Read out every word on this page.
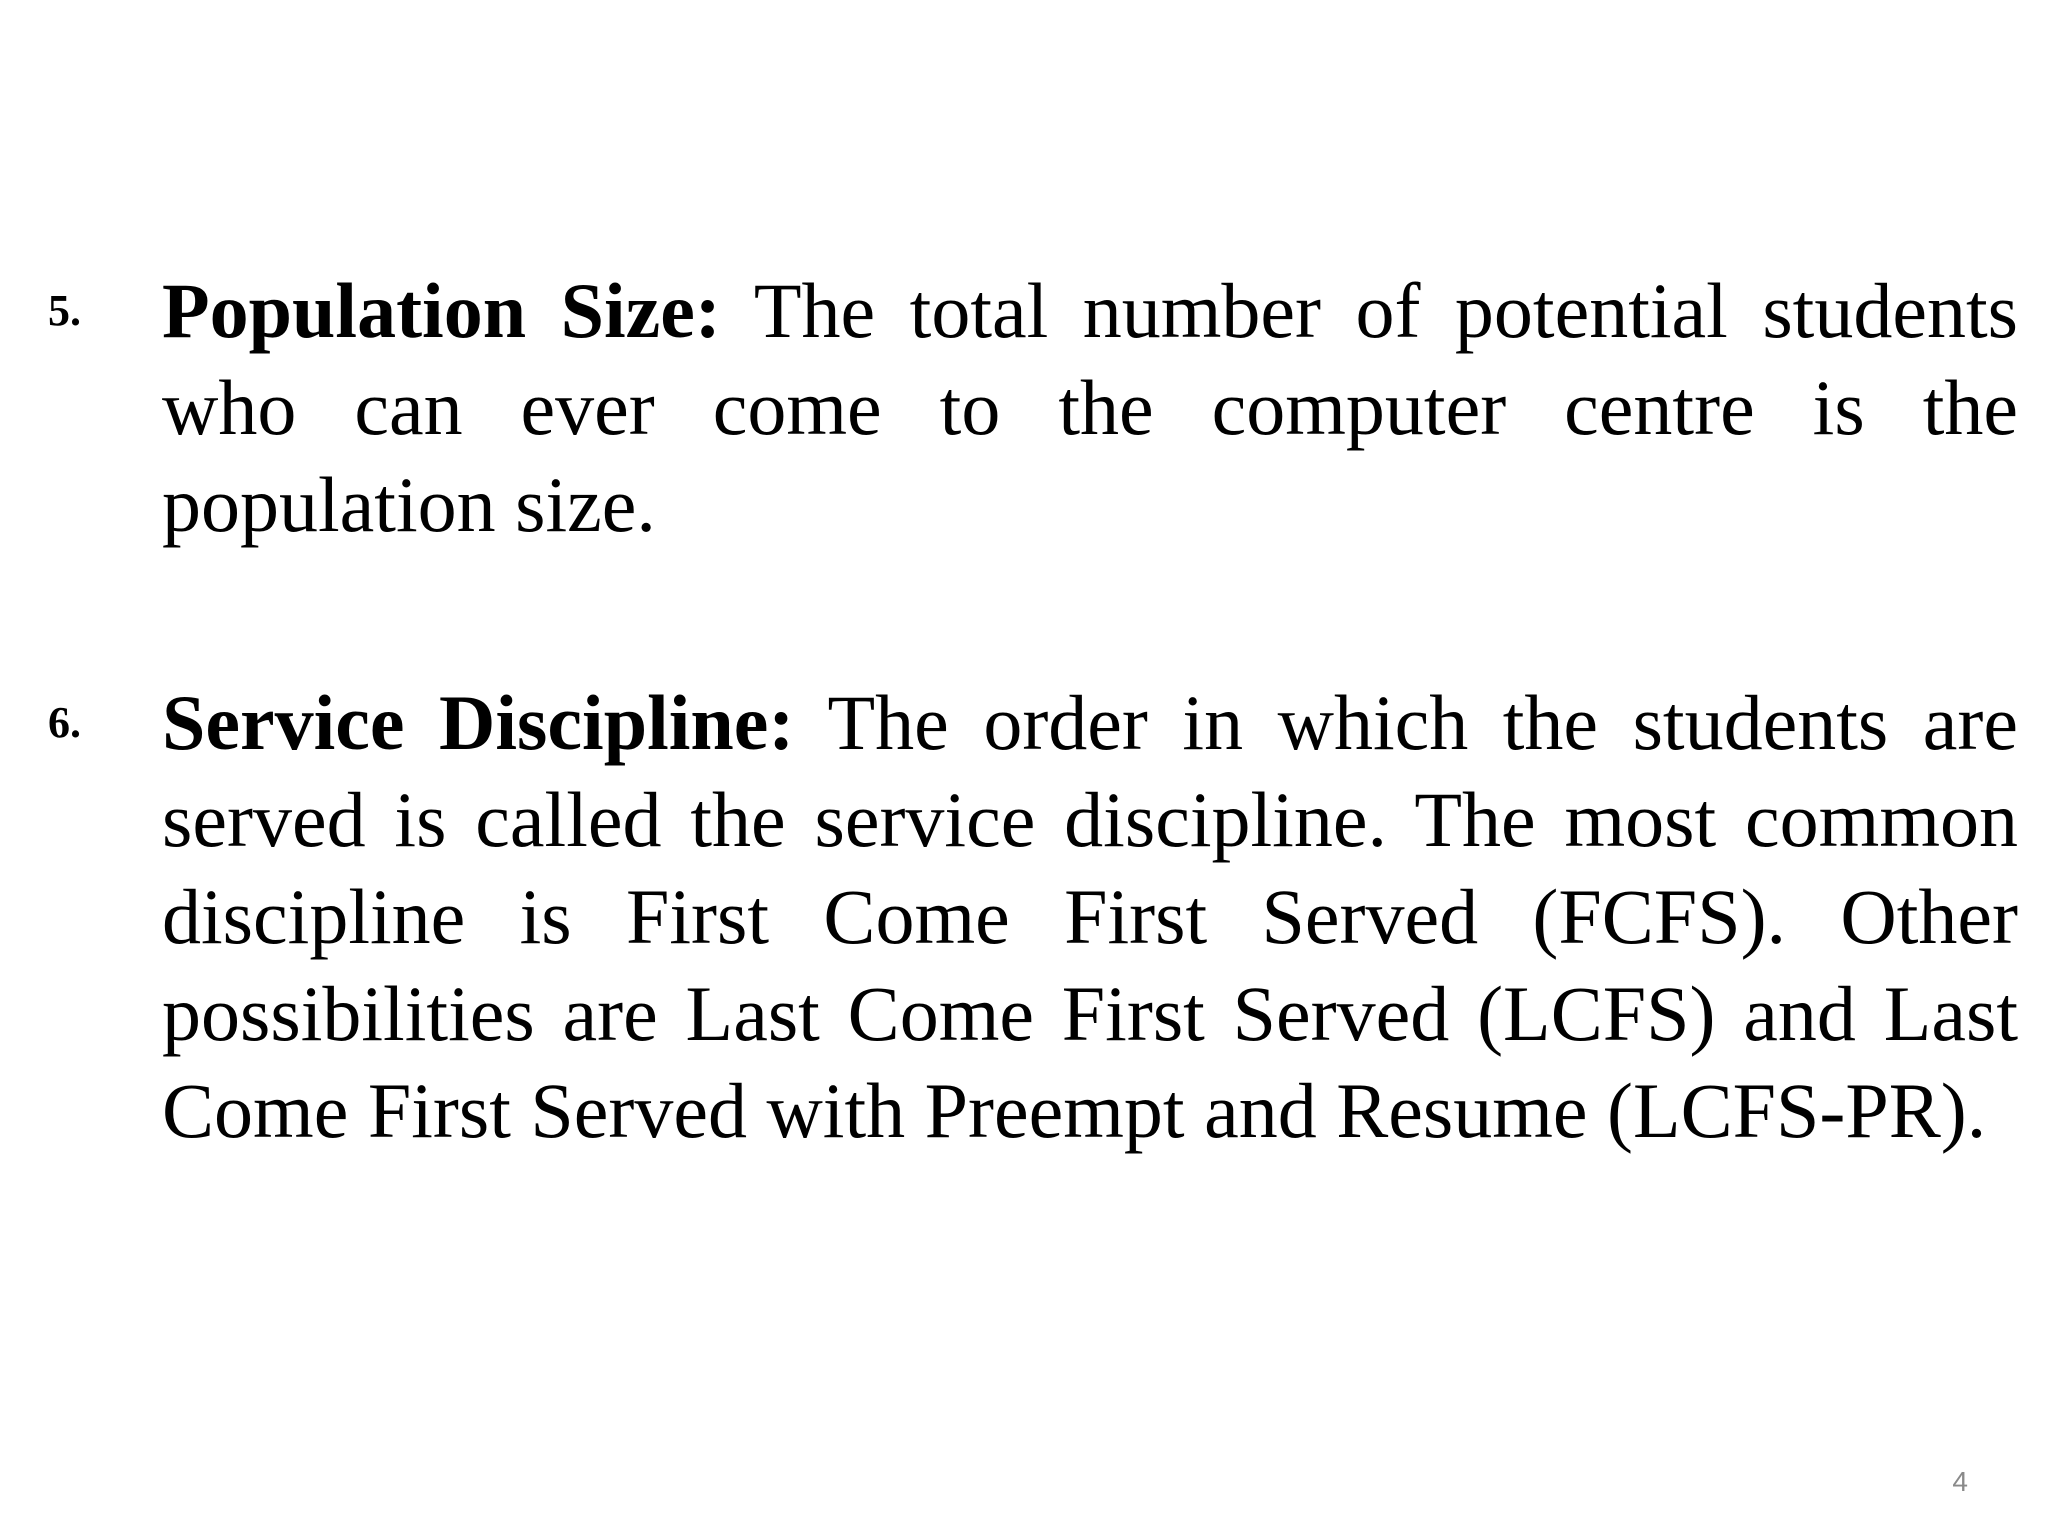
5. Population Size: The total number of potential students who can ever come to the computer centre is the population size.
6. Service Discipline: The order in which the students are served is called the service discipline. The most common discipline is First Come First Served (FCFS). Other possibilities are Last Come First Served (LCFS) and Last Come First Served with Preempt and Resume (LCFS-PR).
4
